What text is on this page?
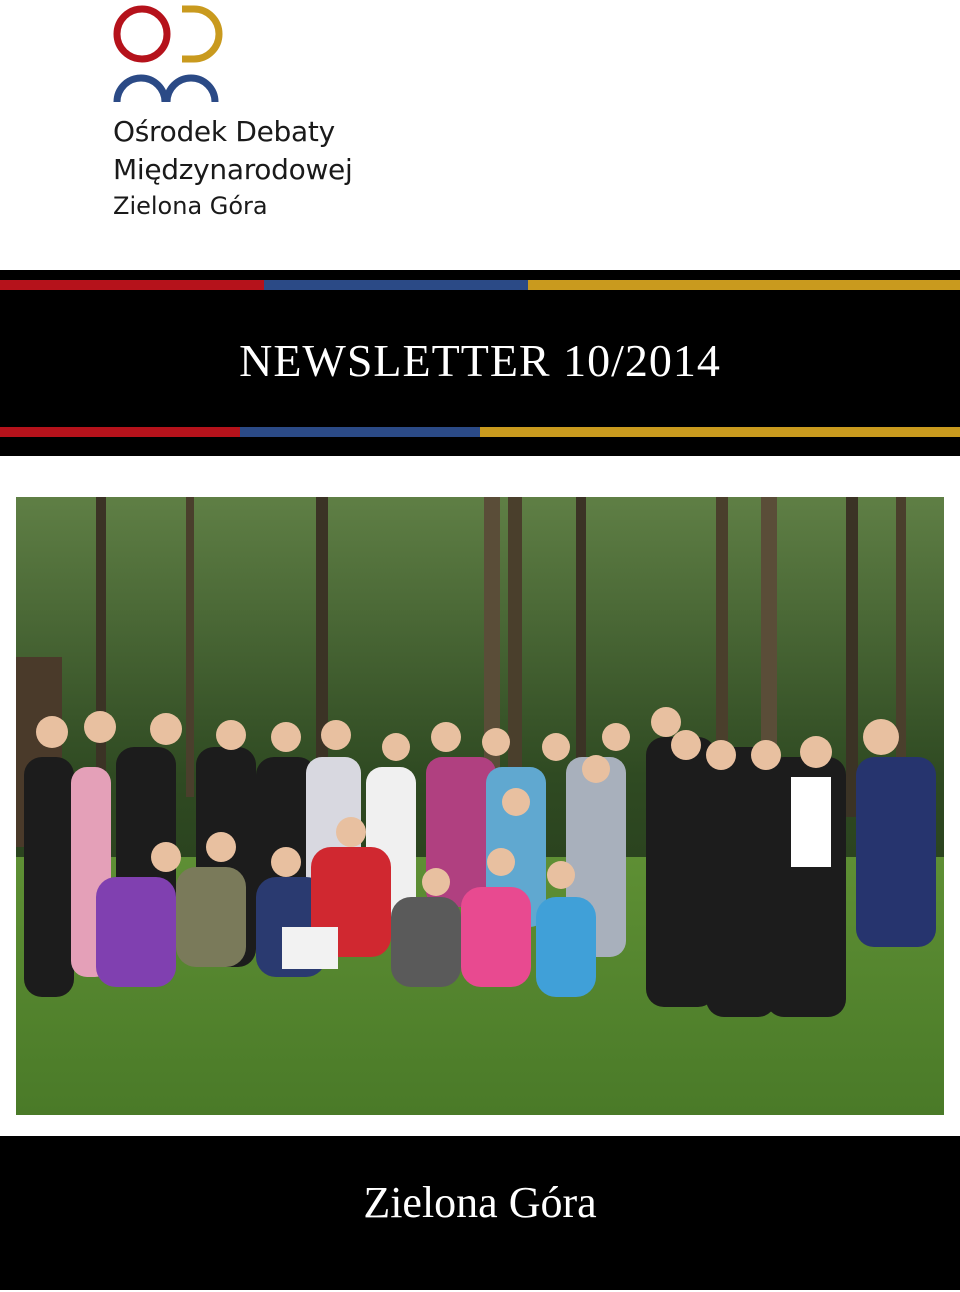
Ośrodek Debaty
Międzynarodowej
Zielona Góra
NEWSLETTER 10/2014
Zielona Góra
